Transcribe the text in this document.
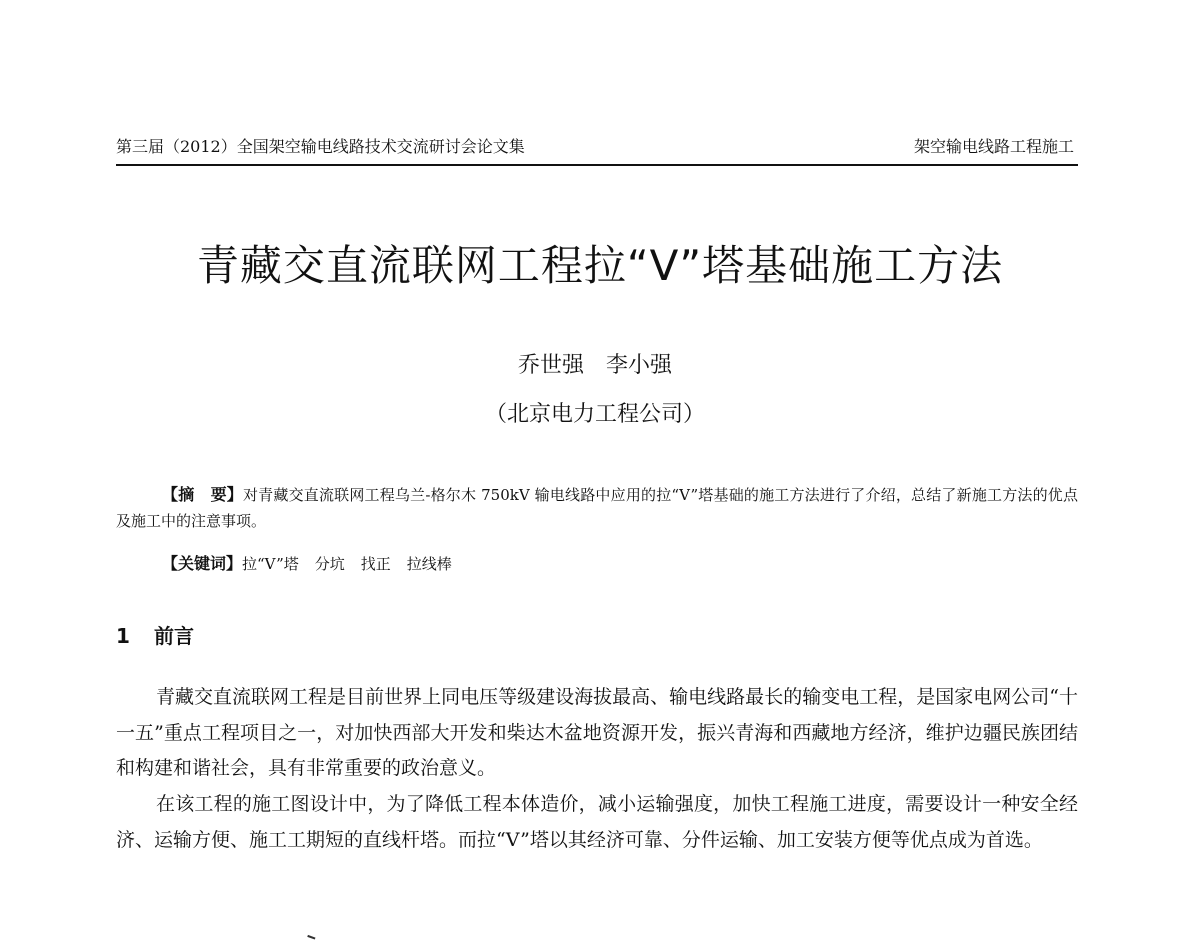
第三届（2012）全国架空输电线路技术交流研讨会论文集	架空输电线路工程施工
青藏交直流联网工程拉“V”塔基础施工方法
乔世强 李小强
（北京电力工程公司）
【摘　要】对青藏交直流联网工程乌兰-格尔木 750kV 输电线路中应用的拉“V”塔基础的施工方法进行了介绍，总结了新施工方法的优点及施工中的注意事项。
【关键词】拉“V”塔 分坑 找正 拉线棒
1 前言

青藏交直流联网工程是目前世界上同电压等级建设海拔最高、输电线路最长的输变电工程，是国家电网公司“十一五”重点工程项目之一，对加快西部大开发和柴达木盆地资源开发，振兴青海和西藏地方经济，维护边疆民族团结和构建和谐社会，具有非常重要的政治意义。

在该工程的施工图设计中，为了降低工程本体造价，减小运输强度，加快工程施工进度，需要设计一种安全经济、运输方便、施工工期短的直线杆塔。而拉“V”塔以其经济可靠、分件运输、加工安装方便等优点成为首选。
